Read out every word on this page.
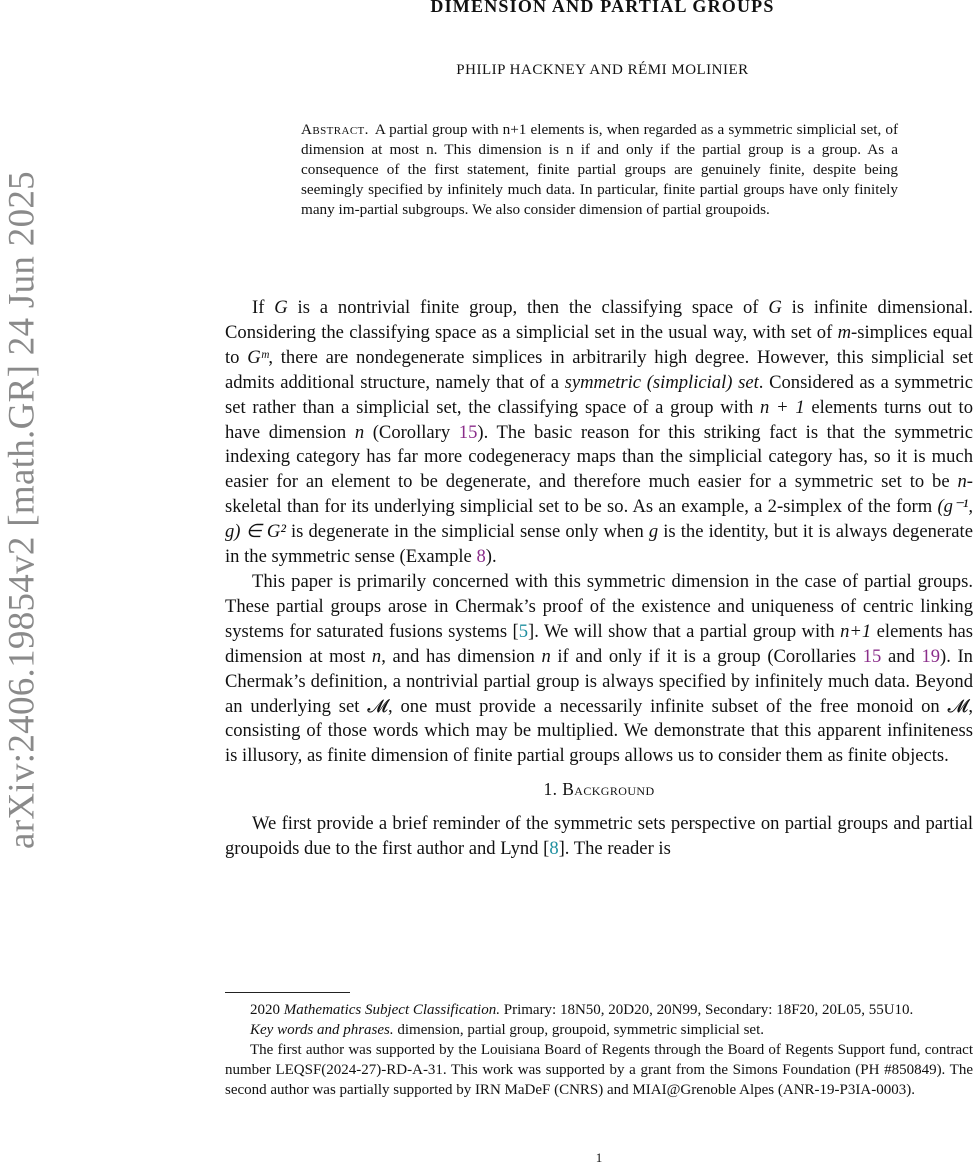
arXiv:2406.19854v2 [math.GR] 24 Jun 2025
DIMENSION AND PARTIAL GROUPS
PHILIP HACKNEY AND RÉMI MOLINIER

Abstract. A partial group with n+1 elements is, when regarded as a symmetric simplicial set, of dimension at most n. This dimension is n if and only if the partial group is a group. As a consequence of the first statement, finite partial groups are genuinely finite, despite being seemingly specified by infinitely much data. In particular, finite partial groups have only finitely many im-partial subgroups. We also consider dimension of partial groupoids.

If G is a nontrivial finite group, then the classifying space of G is infinite dimensional. Considering the classifying space as a simplicial set in the usual way, with set of m-simplices equal to Gᵐ, there are nondegenerate simplices in arbitrarily high degree. However, this simplicial set admits additional structure, namely that of a symmetric (simplicial) set. Considered as a symmetric set rather than a simplicial set, the classifying space of a group with n + 1 elements turns out to have dimension n (Corollary 15). The basic reason for this striking fact is that the symmetric indexing category has far more codegeneracy maps than the simplicial category has, so it is much easier for an element to be degenerate, and therefore much easier for a symmetric set to be n-skeletal than for its underlying simplicial set to be so. As an example, a 2-simplex of the form (g⁻¹, g) ∈ G² is degenerate in the simplicial sense only when g is the identity, but it is always degenerate in the symmetric sense (Example 8).

This paper is primarily concerned with this symmetric dimension in the case of partial groups. These partial groups arose in Chermak’s proof of the existence and uniqueness of centric linking systems for saturated fusions systems [5]. We will show that a partial group with n+1 elements has dimension at most n, and has dimension n if and only if it is a group (Corollaries 15 and 19). In Chermak’s definition, a nontrivial partial group is always specified by infinitely much data. Beyond an underlying set 𝓜, one must provide a necessarily infinite subset of the free monoid on 𝓜, consisting of those words which may be multiplied. We demonstrate that this apparent infiniteness is illusory, as finite dimension of finite partial groups allows us to consider them as finite objects.

1. Background

We first provide a brief reminder of the symmetric sets perspective on partial groups and partial groupoids due to the first author and Lynd [8]. The reader is

2020 Mathematics Subject Classification. Primary: 18N50, 20D20, 20N99, Secondary: 18F20, 20L05, 55U10.

Key words and phrases. dimension, partial group, groupoid, symmetric simplicial set.

The first author was supported by the Louisiana Board of Regents through the Board of Regents Support fund, contract number LEQSF(2024-27)-RD-A-31. This work was supported by a grant from the Simons Foundation (PH #850849). The second author was partially supported by IRN MaDeF (CNRS) and MIAI@Grenoble Alpes (ANR-19-P3IA-0003).

1
